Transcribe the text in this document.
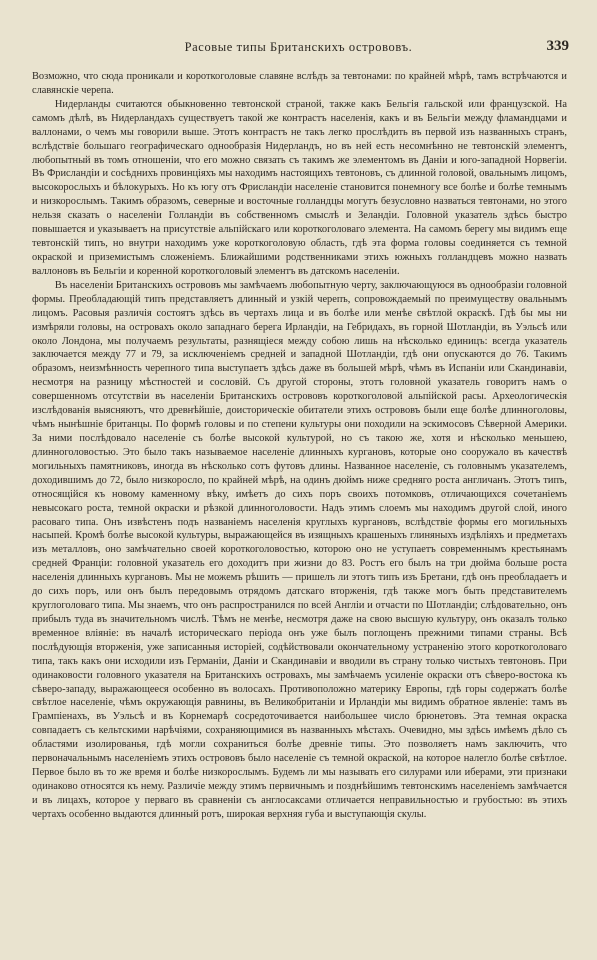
Расовые типы Британскихъ острововъ.	339

Возможно, что сюда проникали и короткоголовые славяне вслѣдъ за тевтонами: по крайней мѣрѣ, тамъ встрѣчаются и славянскіе черепа.

Нидерланды считаются обыкновенно тевтонской страной, также какъ Бельгія гальской или французской. На самомъ дѣлѣ, въ Нидерландахъ существуетъ такой же контрастъ населенія, какъ и въ Бельгіи между фламандцами и валлонами, о чемъ мы говорили выше. Этотъ контрастъ не такъ легко прослѣдить въ первой изъ названныхъ странъ, вслѣдствіе большаго географическаго однообразія Нидерландъ, но въ ней есть несомнѣнно не тевтонскій элементъ, любопытный въ томъ отношеніи, что его можно связать съ такимъ же элементомъ въ Даніи и юго-западной Норвегіи. Въ Фрисландіи и сосѣднихъ провинціяхъ мы находимъ настоящихъ тевтоновъ, съ длинной головой, овальнымъ лицомъ, высокорослыхъ и бѣлокурыхъ. Но къ югу отъ Фрисландіи населеніе становится понемногу все болѣе и болѣе темнымъ и низкорослымъ. Такимъ образомъ, северные и восточные голландцы могутъ безусловно назваться тевтонами, но этого нельзя сказать о населеніи Голландіи въ собственномъ смыслѣ и Зеландіи. Головной указатель здѣсь быстро повышается и указываетъ на присутствіе альпійскаго или короткоголоваго элемента. На самомъ берегу мы видимъ еще тевтонскій типъ, но внутри находимъ уже короткоголовую область, гдѣ эта форма головы соединяется съ темной окраской и приземистымъ сложеніемъ. Ближайшими родственниками этихъ южныхъ голландцевъ можно назвать валлоновъ въ Бельгіи и коренной короткоголовый элементъ въ датскомъ населеніи.

Въ населеніи Британскихъ острововъ мы замѣчаемъ любопытную черту, заключающуюся въ однообразіи головной формы. Преобладающій типъ представляетъ длинный и узкій черепъ, сопровождаемый по преимуществу овальнымъ лицомъ. Расовыя различія состоятъ здѣсь въ чертахъ лица и въ болѣе или менѣе свѣтлой окраскѣ. Гдѣ бы мы ни измѣряли головы, на островахъ около западнаго берега Ирландіи, на Гебридахъ, въ горной Шотландіи, въ Уэльсѣ или около Лондона, мы получаемъ результаты, разнящіеся между собою лишь на нѣсколько единицъ: всегда указатель заключается между 77 и 79, за исключеніемъ средней и западной Шотландіи, гдѣ они опускаются до 76. Такимъ образомъ, неизмѣнность черепного типа выступаетъ здѣсь даже въ большей мѣрѣ, чѣмъ въ Испаніи или Скандинавіи, несмотря на разницу мѣстностей и сословій. Съ другой стороны, этотъ головной указатель говоритъ намъ о совершенномъ отсутствіи въ населеніи Британскихъ острововъ короткоголовой альпійской расы. Археологическія изслѣдованія выясняютъ, что древнѣйшіе, доисторическіе обитатели этихъ острововъ были еще болѣе длинноголовы, чѣмъ нынѣшніе британцы. По формѣ головы и по степени культуры они походили на эскимосовъ Сѣверной Америки. За ними послѣдовало населеніе съ болѣе высокой культурой, но съ такою же, хотя и нѣсколько меньшею, длинноголовостью. Это было такъ называемое населеніе длинныхъ кургановъ, которые оно сооружало въ качествѣ могильныхъ памятниковъ, иногда въ нѣсколько сотъ футовъ длины. Названное населеніе, съ головнымъ указателемъ, доходившимъ до 72, было низкорослo, по крайней мѣрѣ, на одинъ дюймъ ниже средняго роста англичанъ. Этотъ типъ, относящійся къ новому каменному вѣку, имѣетъ до сихъ поръ своихъ потомковъ, отличающихся сочетаніемъ невысокаго роста, темной окраски и рѣзкой длинноголовости. Надъ этимъ слоемъ мы находимъ другой слой, иного расоваго типа. Онъ извѣстенъ подъ названіемъ населенія круглыхъ кургановъ, вслѣдствіе формы его могильныхъ насыпей. Кромѣ болѣе высокой культуры, выражающейся въ изящныхъ крашеныхъ глиняныхъ издѣліяхъ и предметахъ изъ металловъ, оно замѣчательно своей короткоголовостью, которою оно не уступаетъ современнымъ крестьянамъ средней Франціи: головной указатель его доходитъ при жизни до 83. Ростъ его былъ на три дюйма больше роста населенія длинныхъ кургановъ. Мы не можемъ рѣшить — пришелъ ли этотъ типъ изъ Бретани, гдѣ онъ преобладаетъ и до сихъ поръ, или онъ былъ передовымъ отрядомъ датскаго вторженія, гдѣ также могъ быть представителемъ круглоголоваго типа. Мы знаемъ, что онъ распространился по всей Англіи и отчасти по Шотландіи; слѣдовательно, онъ прибылъ туда въ значительномъ числѣ. Тѣмъ не менѣе, несмотря даже на свою высшую культуру, онъ оказалъ только временное вліяніе: въ началѣ историческаго періода онъ уже былъ поглощенъ прежними типами страны. Всѣ послѣдующія вторженія, уже записанныя исторіей, содѣйствовали окончательному устраненію этого короткоголоваго типа, такъ какъ они исходили изъ Германіи, Даніи и Скандинавіи и вводили въ страну только чистыхъ тевтоновъ. При одинаковости головного указателя на Британскихъ островахъ, мы замѣчаемъ усиленіе окраски отъ сѣверо-востока къ сѣверо-западу, выражающееся особенно въ волосахъ. Противоположно материку Европы, гдѣ горы содержатъ болѣе свѣтлое населеніе, чѣмъ окружающія равнины, въ Великобританіи и Ирландіи мы видимъ обратное явленіе: тамъ въ Грампіенахъ, въ Уэльсѣ и въ Корнемарѣ сосредоточивается наибольшее число брюнетовъ. Эта темная окраска совпадаетъ съ кельтскими нарѣчіями, сохраняющимися въ названныхъ мѣстахъ. Очевидно, мы здѣсь имѣемъ дѣло съ областями изолированья, гдѣ могли сохраниться болѣе древніе типы. Это позволяетъ намъ заключить, что первоначальнымъ населеніемъ этихъ острововъ было населеніе съ темной окраской, на которое налегло болѣе свѣтлое. Первое было въ то же время и болѣе низкорослымъ. Будемъ ли мы называть его силурами или иберами, эти признаки одинаково относятся къ нему. Различіе между этимъ первичнымъ и позднѣйшимъ тевтонскимъ населеніемъ замѣчается и въ лицахъ, которое у перваго въ сравненіи съ англосаксами отличается неправильностью и грубостью: въ этихъ чертахъ особенно выдаются длинный ротъ, широкая верхняя губа и выступающія скулы.
